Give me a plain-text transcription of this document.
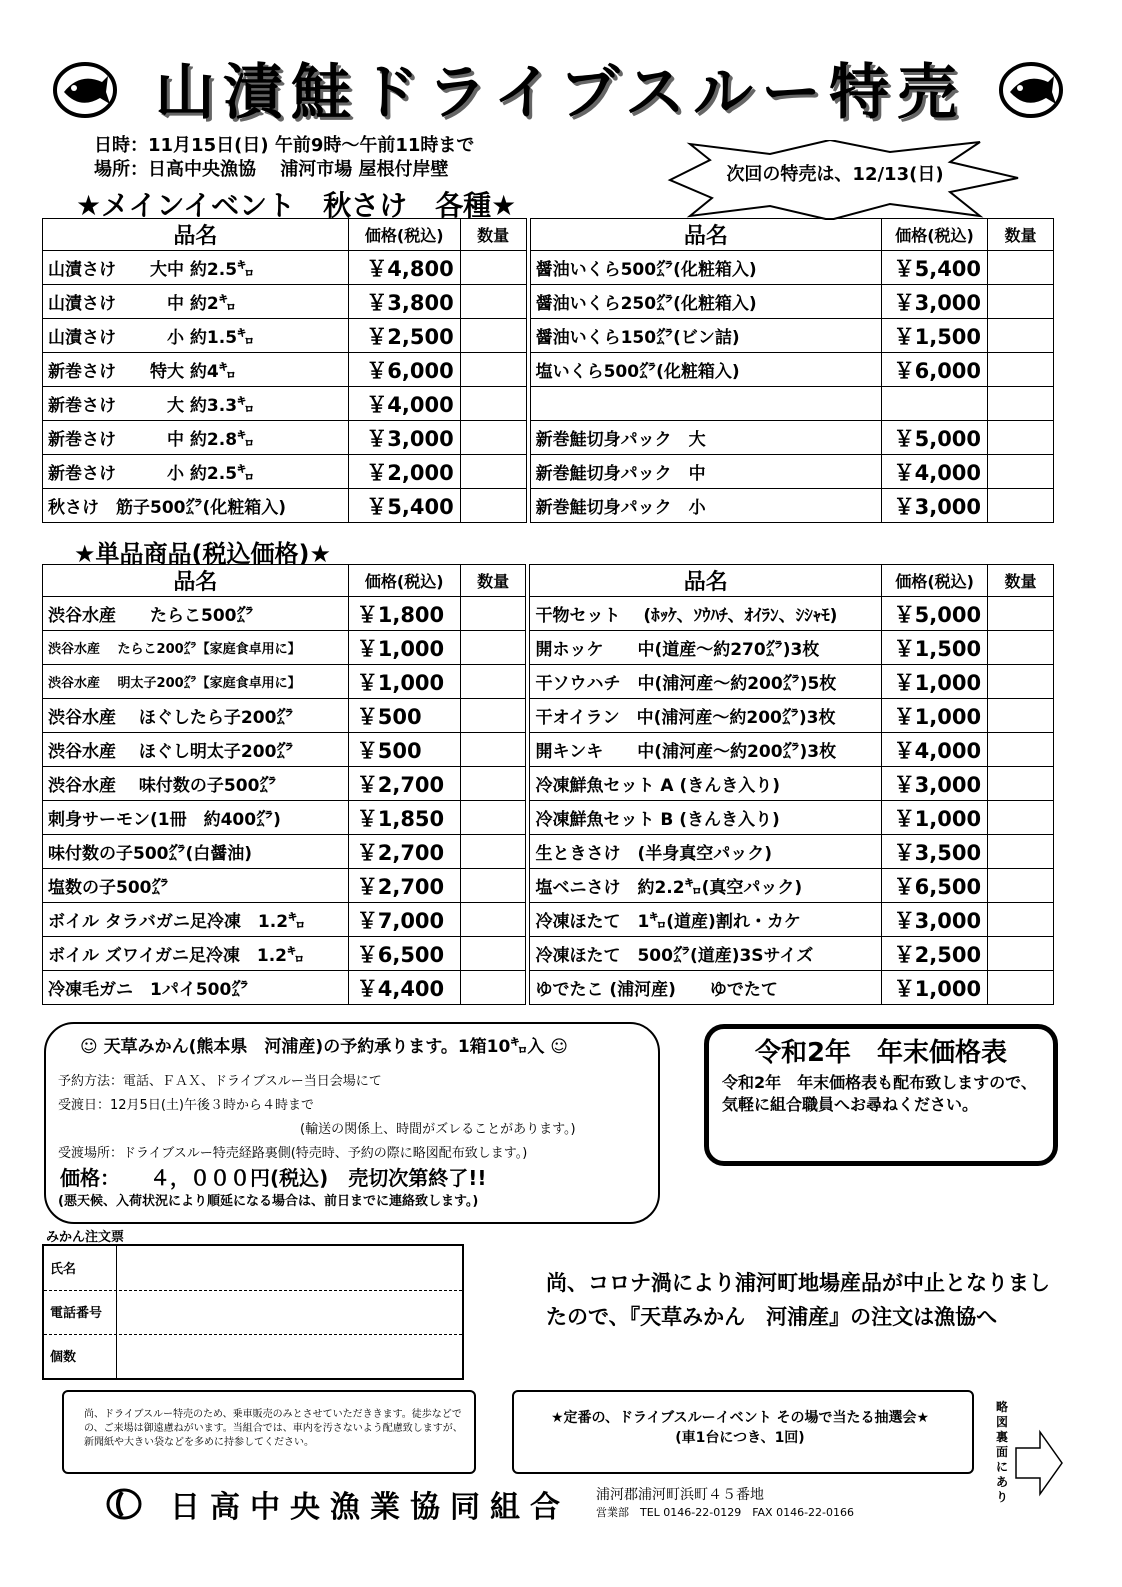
山漬鮭ドライブスルー特売
日時：11月15日(日) 午前9時～午前11時まで
場所：日高中央漁協　 浦河市場 屋根付岸壁	次回の特売は、12/13(日)
★メインイベント　秋さけ　各種★
品名	価格(税込)	数量		品名	価格(税込)	数量
山漬さけ　　大中 約2.5㌔	￥4,800			醤油いくら500㌘(化粧箱入)	￥5,400	
山漬さけ　　　中 約2㌔	￥3,800			醤油いくら250㌘(化粧箱入)	￥3,000	
山漬さけ　　　小 約1.5㌔	￥2,500			醤油いくら150㌘(ビン詰)	￥1,500	
新巻さけ　　特大 約4㌔	￥6,000			塩いくら500㌘(化粧箱入)	￥6,000	
新巻さけ　　　大 約3.3㌔	￥4,000					
新巻さけ　　　中 約2.8㌔	￥3,000			新巻鮭切身パック　大	￥5,000	
新巻さけ　　　小 約2.5㌔	￥2,000			新巻鮭切身パック　中	￥4,000	
秋さけ　筋子500㌘(化粧箱入)	￥5,400			新巻鮭切身パック　小	￥3,000	
★単品商品(税込価格)★
品名	価格(税込)	数量		品名	価格(税込)	数量
渋谷水産　　たらこ500㌘	￥1,800			干物セット　 (ﾎｯｹ、ｿｳﾊﾁ、ｵｲﾗﾝ、ｼｼｬﾓ)	￥5,000	
渋谷水産　 たらこ200㌘【家庭食卓用に】	￥1,000			開ホッケ　　中(道産～約270㌘)3枚	￥1,500	
渋谷水産　 明太子200㌘【家庭食卓用に】	￥1,000			干ソウハチ　中(浦河産～約200㌘)5枚	￥1,000	
渋谷水産　 ほぐしたら子200㌘	￥500			干オイラン　中(浦河産～約200㌘)3枚	￥1,000	
渋谷水産　 ほぐし明太子200㌘	￥500			開キンキ　　中(浦河産～約200㌘)3枚	￥4,000	
渋谷水産　 味付数の子500㌘	￥2,700			冷凍鮮魚セット A (きんき入り)	￥3,000	
刺身サーモン(1冊　約400㌘)	￥1,850			冷凍鮮魚セット B (きんき入り)	￥1,000	
味付数の子500㌘(白醤油)	￥2,700			生ときさけ　(半身真空パック)	￥3,500	
塩数の子500㌘	￥2,700			塩ベニさけ　約2.2㌔(真空パック)	￥6,500	
ボイル タラバガニ足冷凍　1.2㌔	￥7,000			冷凍ほたて　1㌔(道産)割れ・カケ	￥3,000	
ボイル ズワイガニ足冷凍　1.2㌔	￥6,500			冷凍ほたて　500㌘(道産)3Sサイズ	￥2,500	
冷凍毛ガニ　1パイ500㌘	￥4,400			ゆでたこ (浦河産)　　ゆでたて	￥1,000	
☺ 天草みかん(熊本県　河浦産)の予約承ります。1箱10㌔入 ☺
予約方法：電話、ＦＡＸ、ドライブスルー当日会場にて
受渡日：12月5日(土)午後３時から４時まで
(輸送の関係上、時間がズレることがあります。)
受渡場所：ドライブスルー特売経路裏側(特売時、予約の際に略図配布致します。)
価格：　　４，０００円(税込)　売切次第終了!!
(悪天候、入荷状況により順延になる場合は、前日までに連絡致します。)
令和2年　年末価格表
令和2年　年末価格表も配布致しますので、気軽に組合職員へお尋ねください。
みかん注文票
氏名
電話番号
個数
尚、コロナ渦により浦河町地場産品が中止となりましたので、『天草みかん　河浦産』の注文は漁協へ
尚、ドライブスルー特売のため、乗車販売のみとさせていただききます。徒歩などでの、ご来場は御遠慮ねがいます。当組合では、車内を汚さないよう配慮致しますが、新聞紙や大きい袋などを多めに持参してください。
★定番の、ドライブスルーイベント その場で当たる抽選会★
(車1台につき、1回)
略図裏面にあり
日高中央漁業協同組合 浦河郡浦河町浜町４５番地
営業部　TEL 0146-22-0129　FAX 0146-22-0166
